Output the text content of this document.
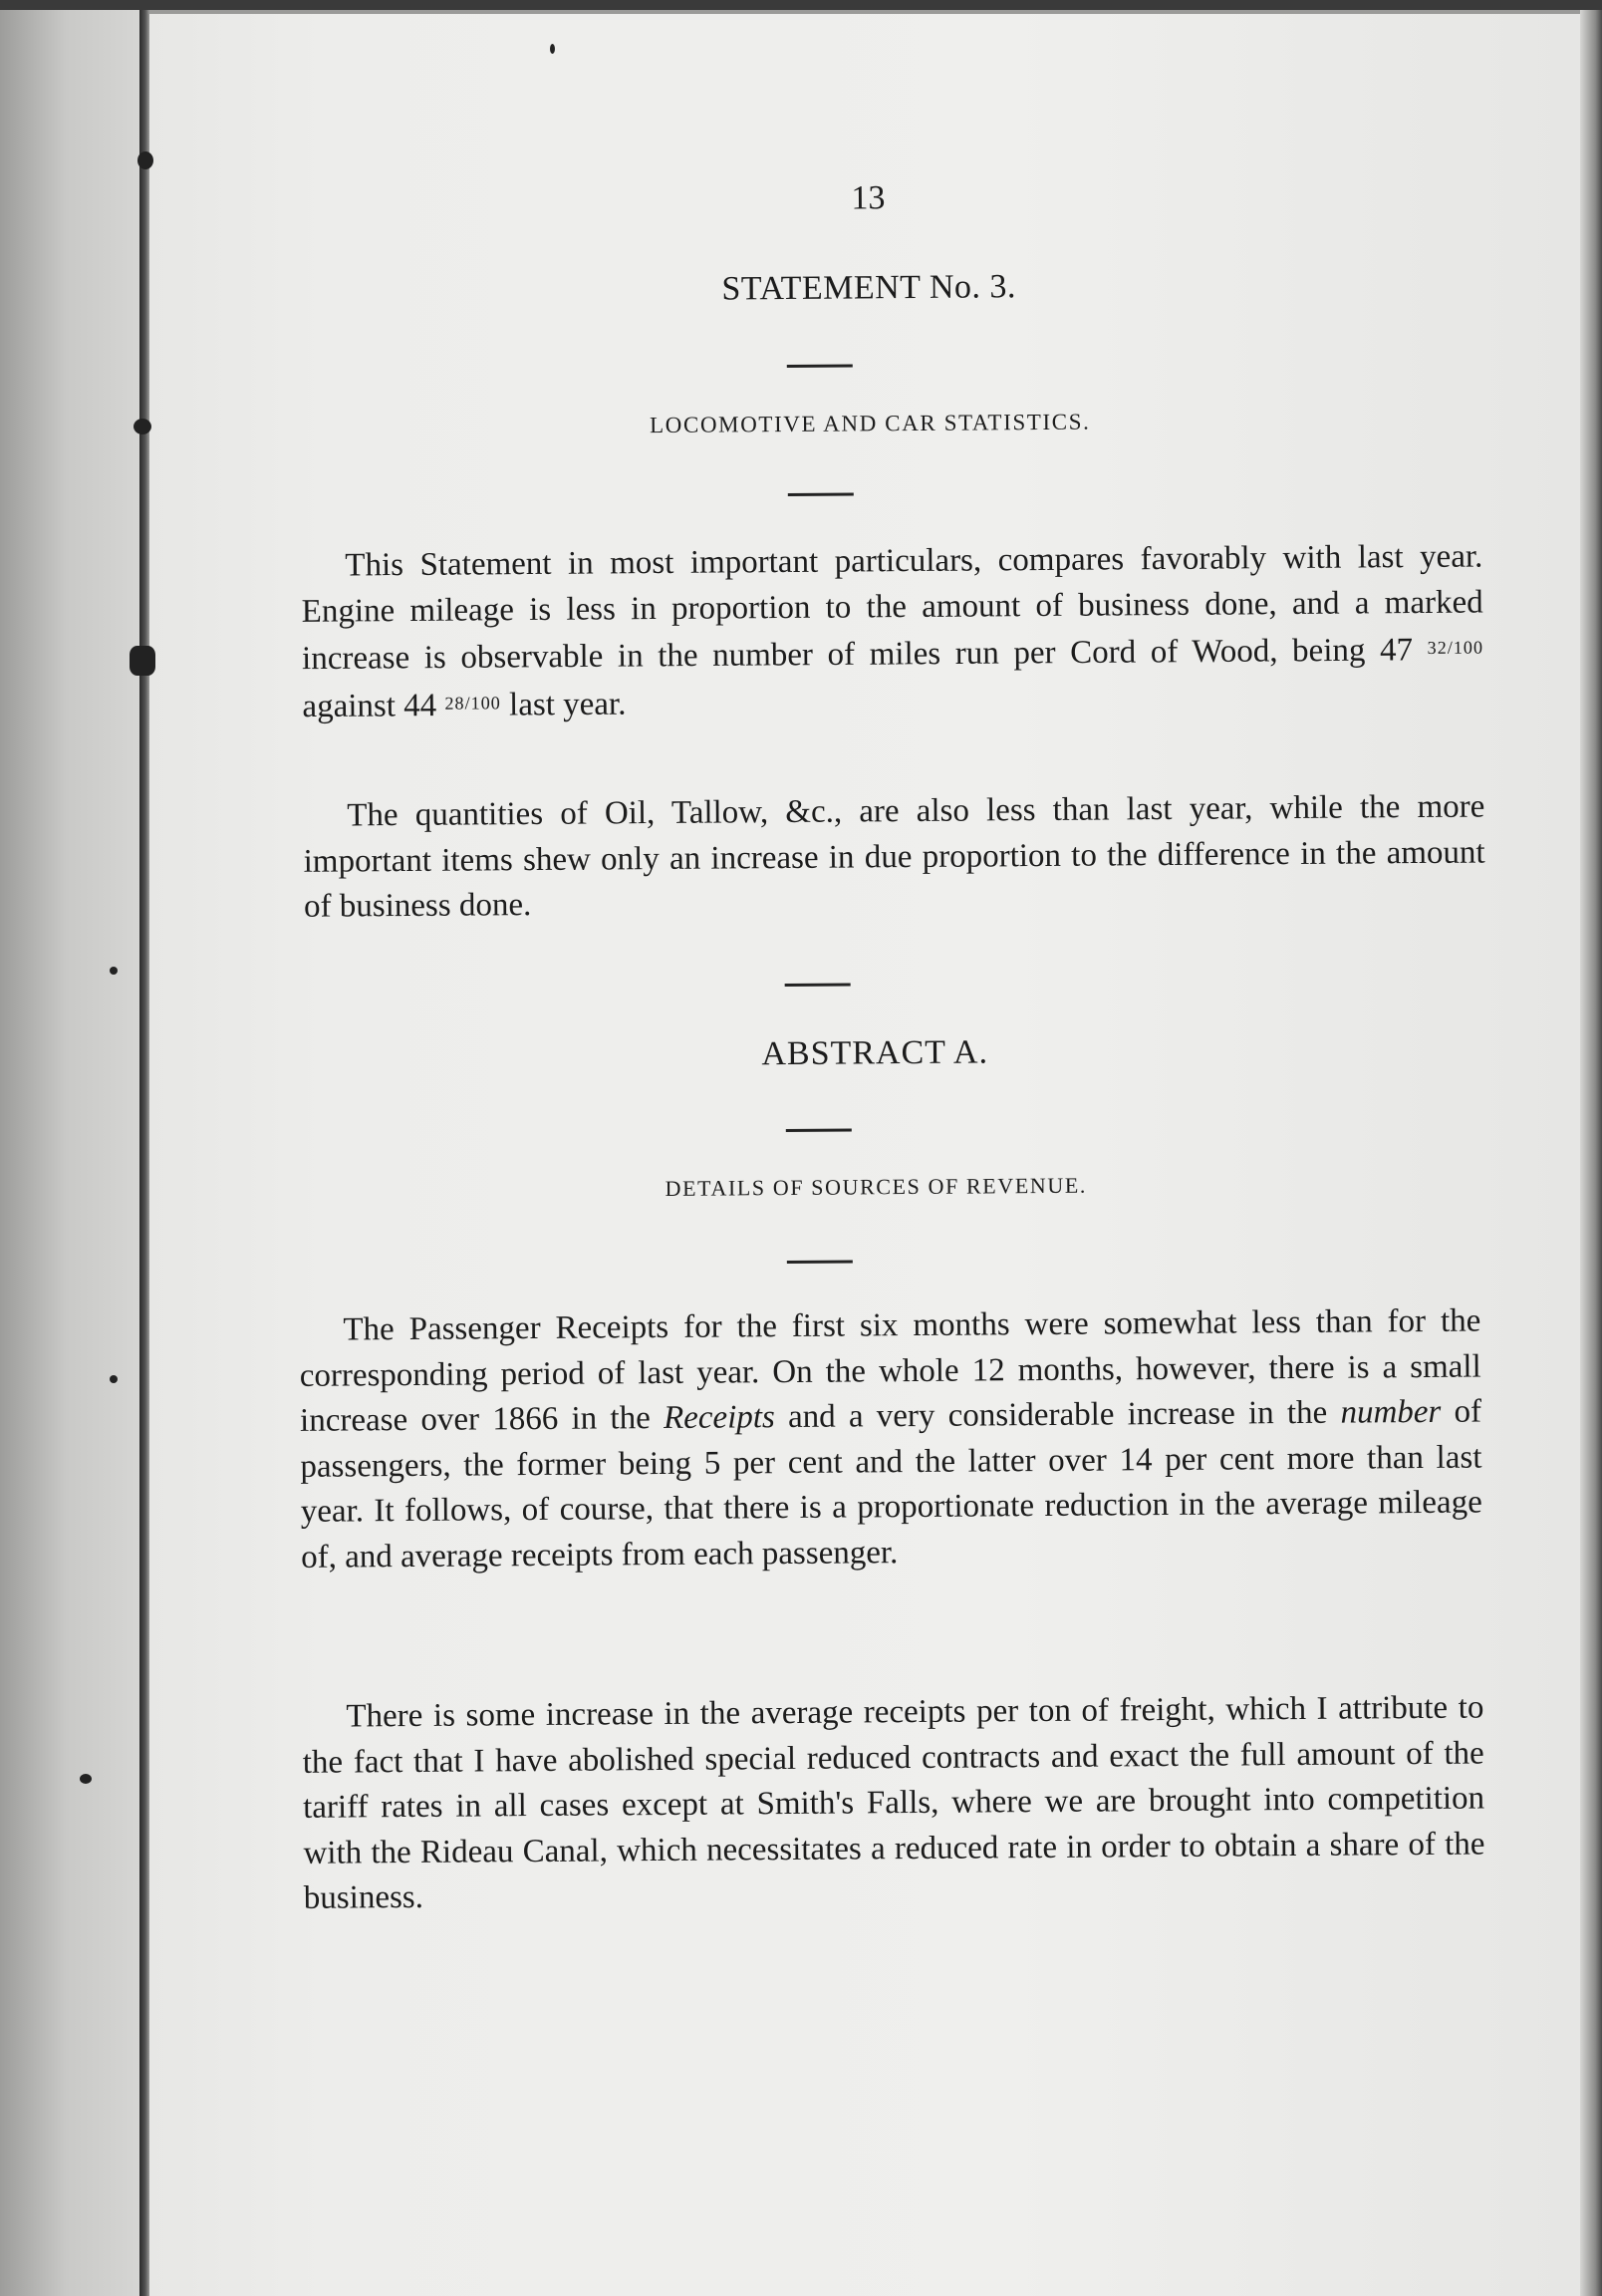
13

STATEMENT No. 3.

LOCOMOTIVE AND CAR STATISTICS.

This Statement in most important particulars, compares favorably with last year. Engine mileage is less in proportion to the amount of business done, and a marked increase is observable in the number of miles run per Cord of Wood, being 47 32/100 against 44 28/100 last year.

The quantities of Oil, Tallow, &c., are also less than last year, while the more important items shew only an increase in due proportion to the difference in the amount of business done.

ABSTRACT A.

DETAILS OF SOURCES OF REVENUE.

The Passenger Receipts for the first six months were somewhat less than for the corresponding period of last year. On the whole 12 months, however, there is a small increase over 1866 in the Receipts and a very considerable increase in the number of passengers, the former being 5 per cent and the latter over 14 per cent more than last year. It follows, of course, that there is a proportionate reduction in the average mileage of, and average receipts from each passenger.

There is some increase in the average receipts per ton of freight, which I attribute to the fact that I have abolished special reduced contracts and exact the full amount of the tariff rates in all cases except at Smith's Falls, where we are brought into competition with the Rideau Canal, which necessitates a reduced rate in order to obtain a share of the business.
